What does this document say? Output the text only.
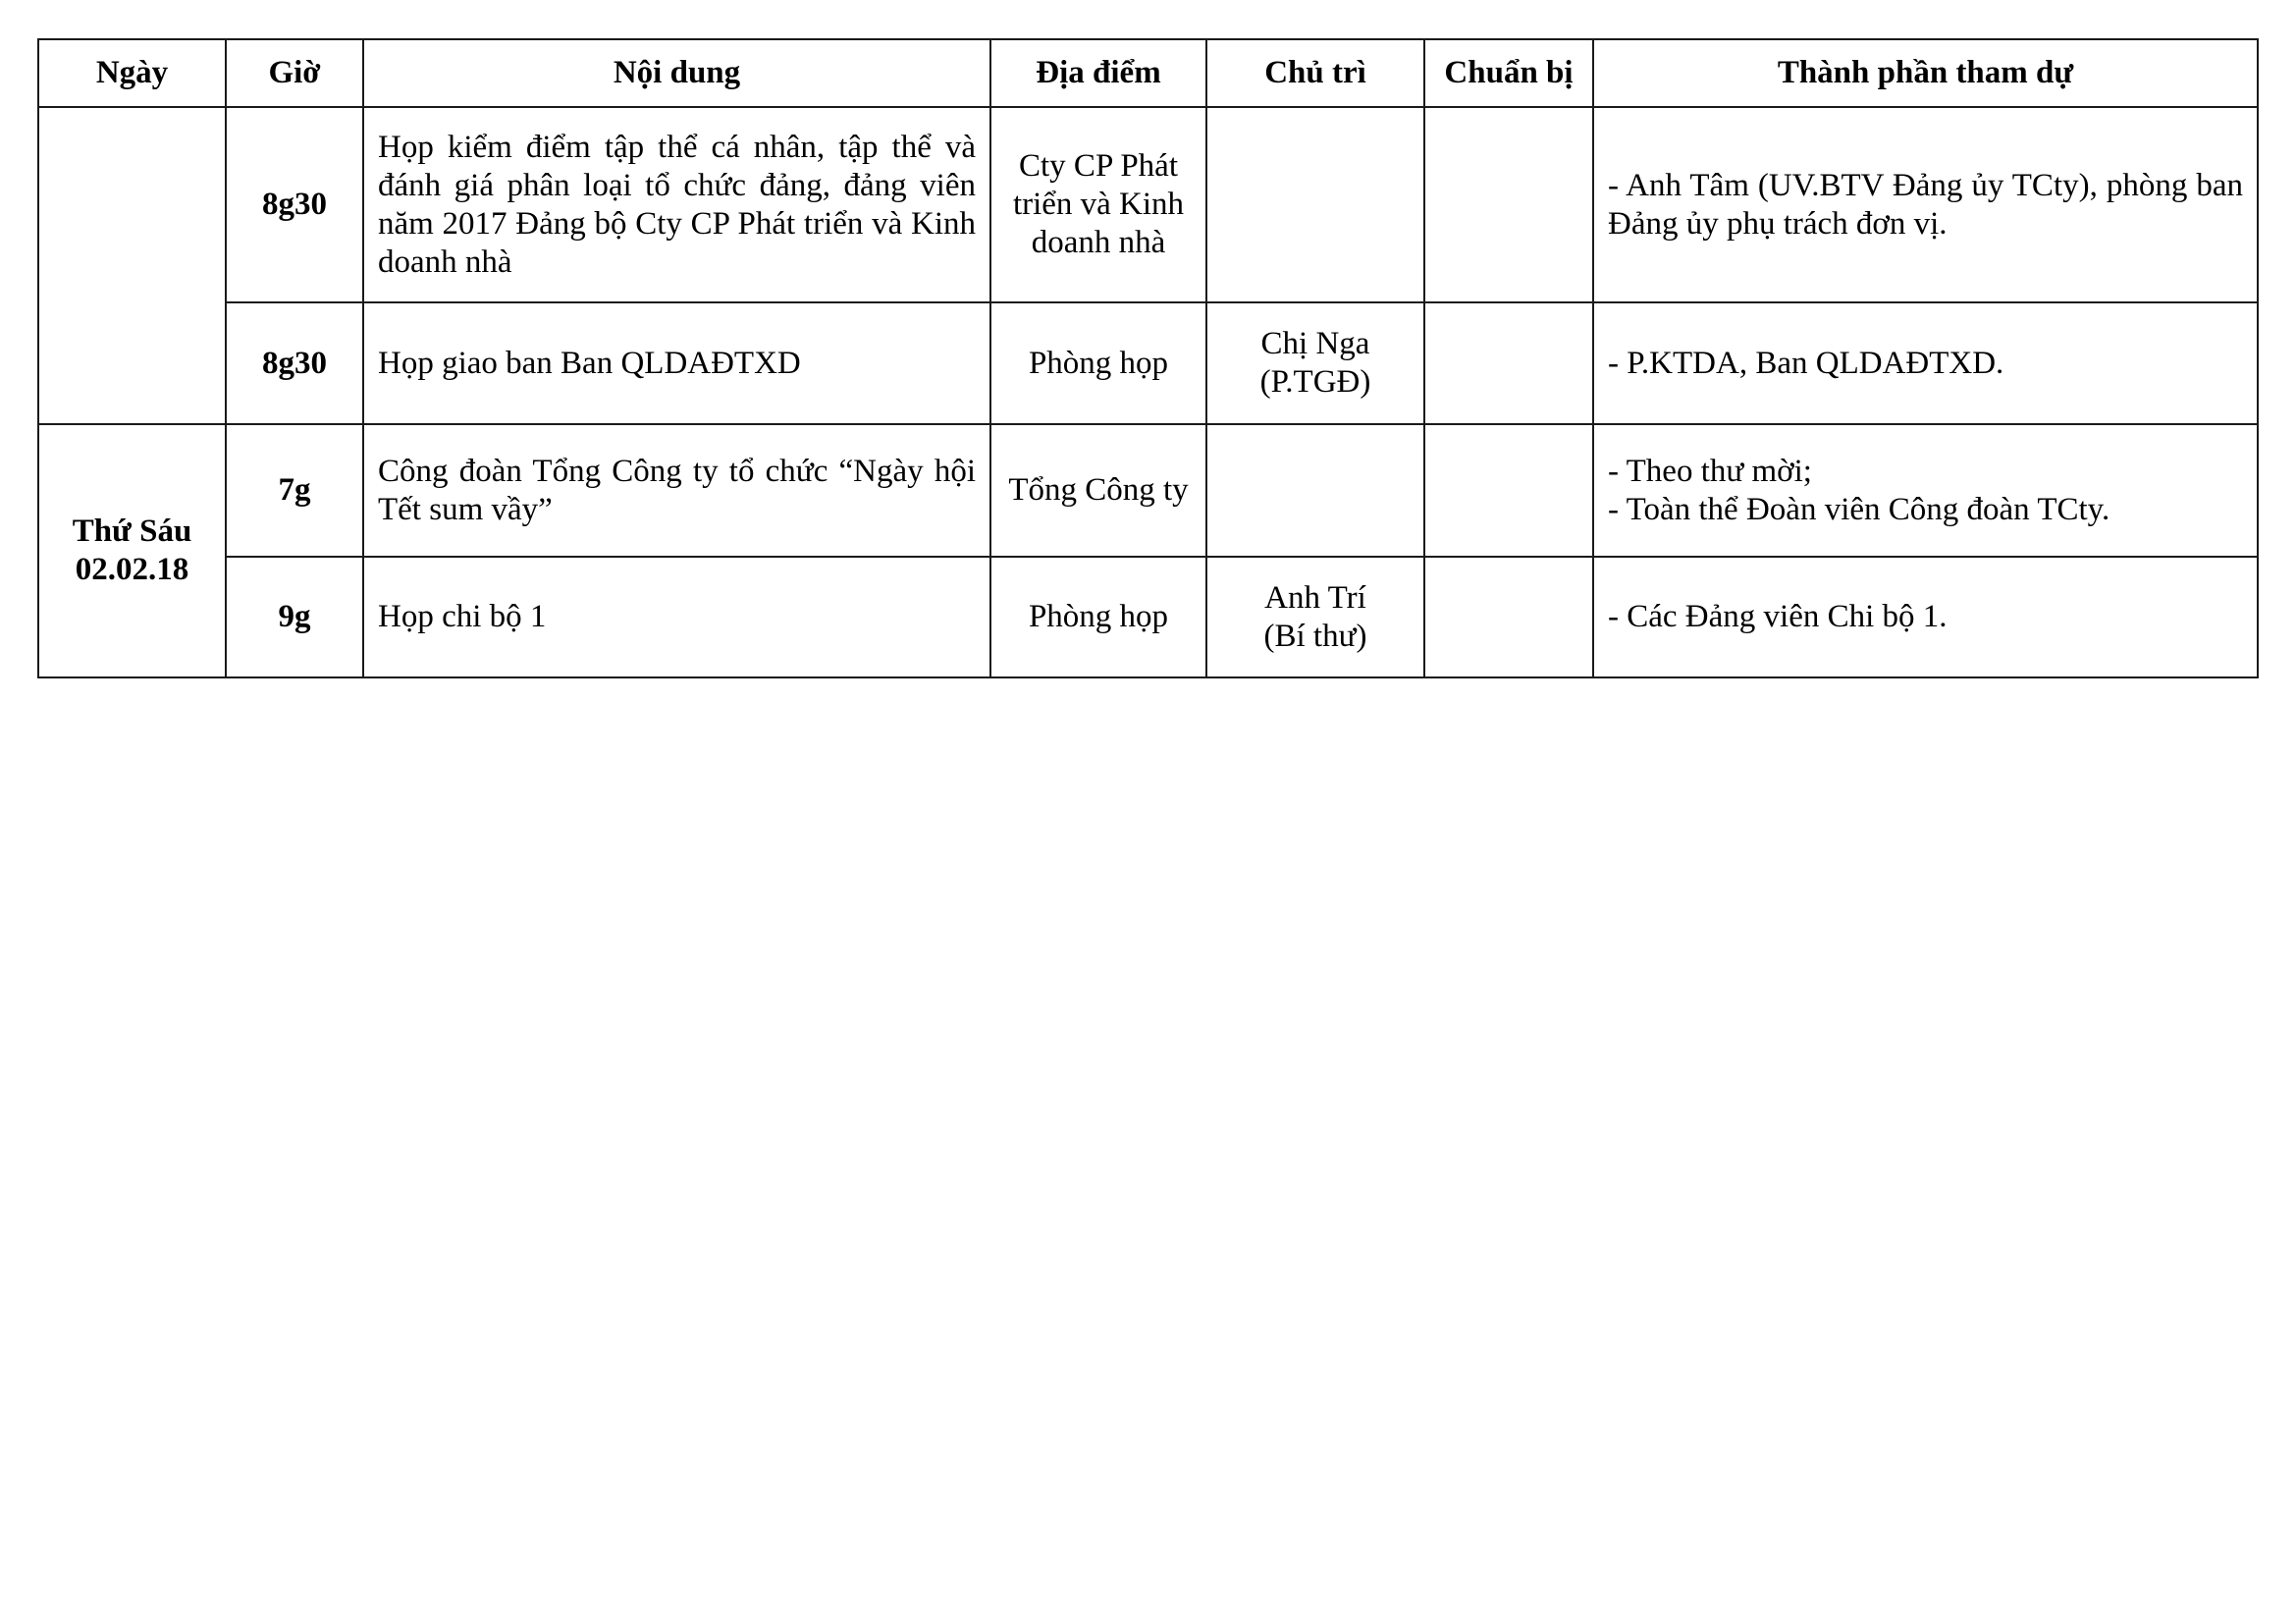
Ngày	Giờ	Nội dung	Địa điểm	Chủ trì	Chuẩn bị	Thành phần tham dự

	8g30	Họp kiểm điểm tập thể cá nhân, tập thể và đánh giá phân loại tổ chức đảng, đảng viên năm 2017 Đảng bộ Cty CP Phát triển và Kinh doanh nhà	Cty CP Phát
triển và Kinh
doanh nhà			- Anh Tâm (UV.BTV Đảng ủy TCty), phòng ban Đảng ủy phụ trách đơn vị.

	8g30	Họp giao ban Ban QLDAĐTXD	Phòng họp	Chị Nga
(P.TGĐ)		- P.KTDA, Ban QLDAĐTXD.

Thứ Sáu
02.02.18	7g	Công đoàn Tổng Công ty tổ chức “Ngày hội Tết sum vầy”	Tổng Công ty			- Theo thư mời;
- Toàn thể Đoàn viên Công đoàn TCty.

	9g	Họp chi bộ 1	Phòng họp	Anh Trí
(Bí thư)		- Các Đảng viên Chi bộ 1.
